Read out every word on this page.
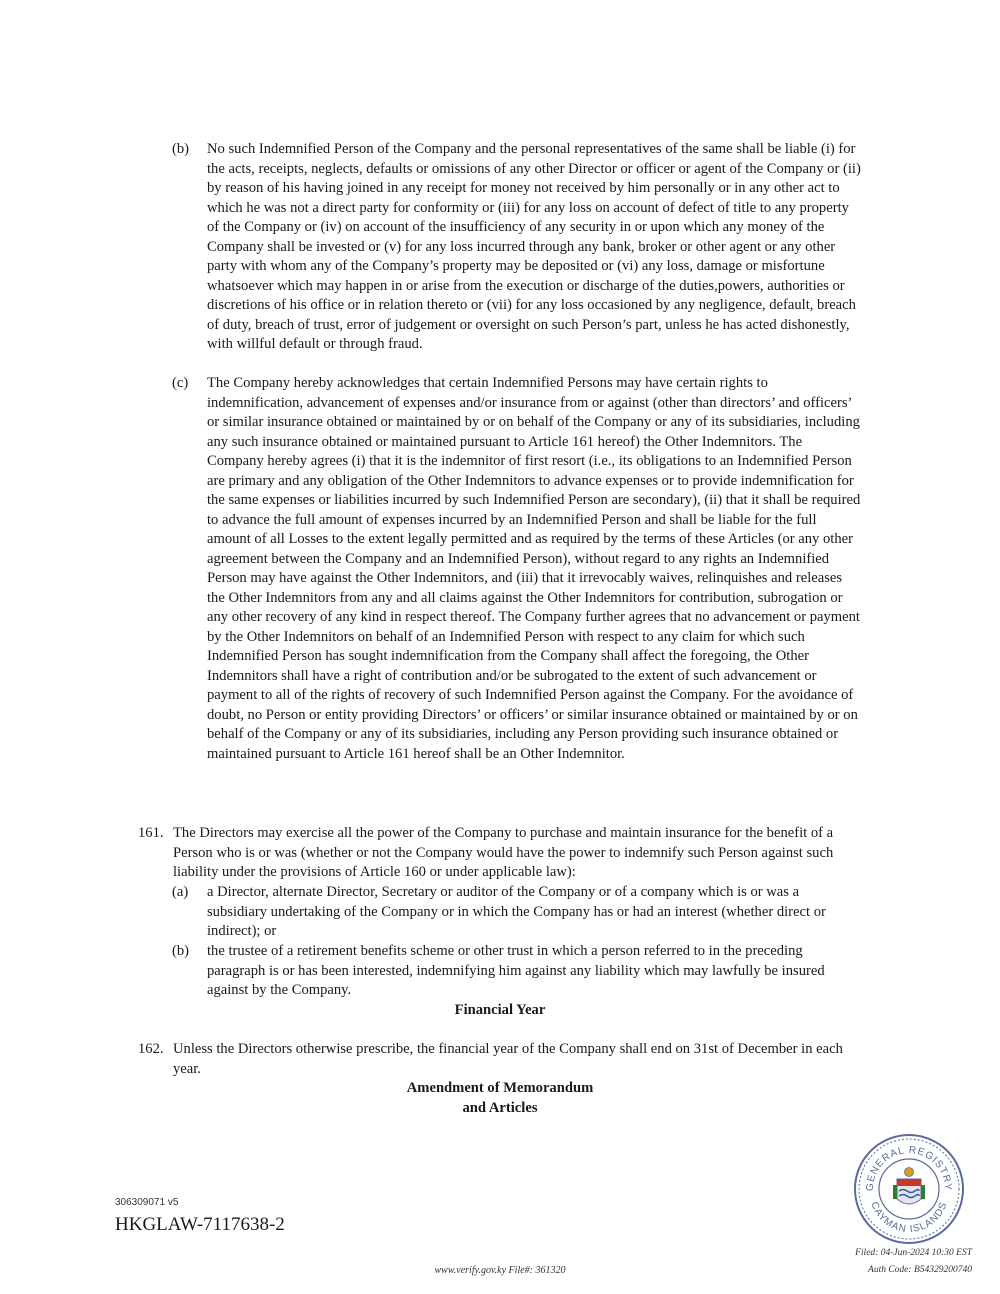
(b)	No such Indemnified Person of the Company and the personal representatives of the same shall be liable (i) for the acts, receipts, neglects, defaults or omissions of any other Director or officer or agent of the Company or (ii) by reason of his having joined in any receipt for money not received by him personally or in any other act to which he was not a direct party for conformity or (iii) for any loss on account of defect of title to any property of the Company or (iv) on account of the insufficiency of any security in or upon which any money of the Company shall be invested or (v) for any loss incurred through any bank, broker or other agent or any other party with whom any of the Company’s property may be deposited or (vi) any loss, damage or misfortune whatsoever which may happen in or arise from the execution or discharge of the duties,powers, authorities or discretions of his office or in relation thereto or (vii) for any loss occasioned by any negligence, default, breach of duty, breach of trust, error of judgement or oversight on such Person’s part, unless he has acted dishonestly, with willful default or through fraud.
(c)	The Company hereby acknowledges that certain Indemnified Persons may have certain rights to indemnification, advancement of expenses and/or insurance from or against (other than directors’ and officers’ or similar insurance obtained or maintained by or on behalf of the Company or any of its subsidiaries, including any such insurance obtained or maintained pursuant to Article 161 hereof) the Other Indemnitors. The Company hereby agrees (i) that it is the indemnitor of first resort (i.e., its obligations to an Indemnified Person are primary and any obligation of the Other Indemnitors to advance expenses or to provide indemnification for the same expenses or liabilities incurred by such Indemnified Person are secondary), (ii) that it shall be required to advance the full amount of expenses incurred by an Indemnified Person and shall be liable for the full amount of all Losses to the extent legally permitted and as required by the terms of these Articles (or any other agreement between the Company and an Indemnified Person), without regard to any rights an Indemnified Person may have against the Other Indemnitors, and (iii) that it irrevocably waives, relinquishes and releases the Other Indemnitors from any and all claims against the Other Indemnitors for contribution, subrogation or any other recovery of any kind in respect thereof. The Company further agrees that no advancement or payment by the Other Indemnitors on behalf of an Indemnified Person with respect to any claim for which such Indemnified Person has sought indemnification from the Company shall affect the foregoing, the Other Indemnitors shall have a right of contribution and/or be subrogated to the extent of such advancement or payment to all of the rights of recovery of such Indemnified Person against the Company. For the avoidance of doubt, no Person or entity providing Directors’ or officers’ or similar insurance obtained or maintained by or on behalf of the Company or any of its subsidiaries, including any Person providing such insurance obtained or maintained pursuant to Article 161 hereof shall be an Other Indemnitor.
161. The Directors may exercise all the power of the Company to purchase and maintain insurance for the benefit of a Person who is or was (whether or not the Company would have the power to indemnify such Person against such liability under the provisions of Article 160 or under applicable law):
(a)	a Director, alternate Director, Secretary or auditor of the Company or of a company which is or was a subsidiary undertaking of the Company or in which the Company has or had an interest (whether direct or indirect); or
(b)	the trustee of a retirement benefits scheme or other trust in which a person referred to in the preceding paragraph is or has been interested, indemnifying him against any liability which may lawfully be insured against by the Company.
Financial Year
162. Unless the Directors otherwise prescribe, the financial year of the Company shall end on 31st of December in each year.
Amendment of Memorandum
and Articles
306309071 v5
HKGLAW-7117638-2
www.verify.gov.ky File#: 361320
GENERAL REGISTRY
CAYMAN ISLANDS
Filed: 04-Jun-2024 10:30 EST
Auth Code: B54329200740
